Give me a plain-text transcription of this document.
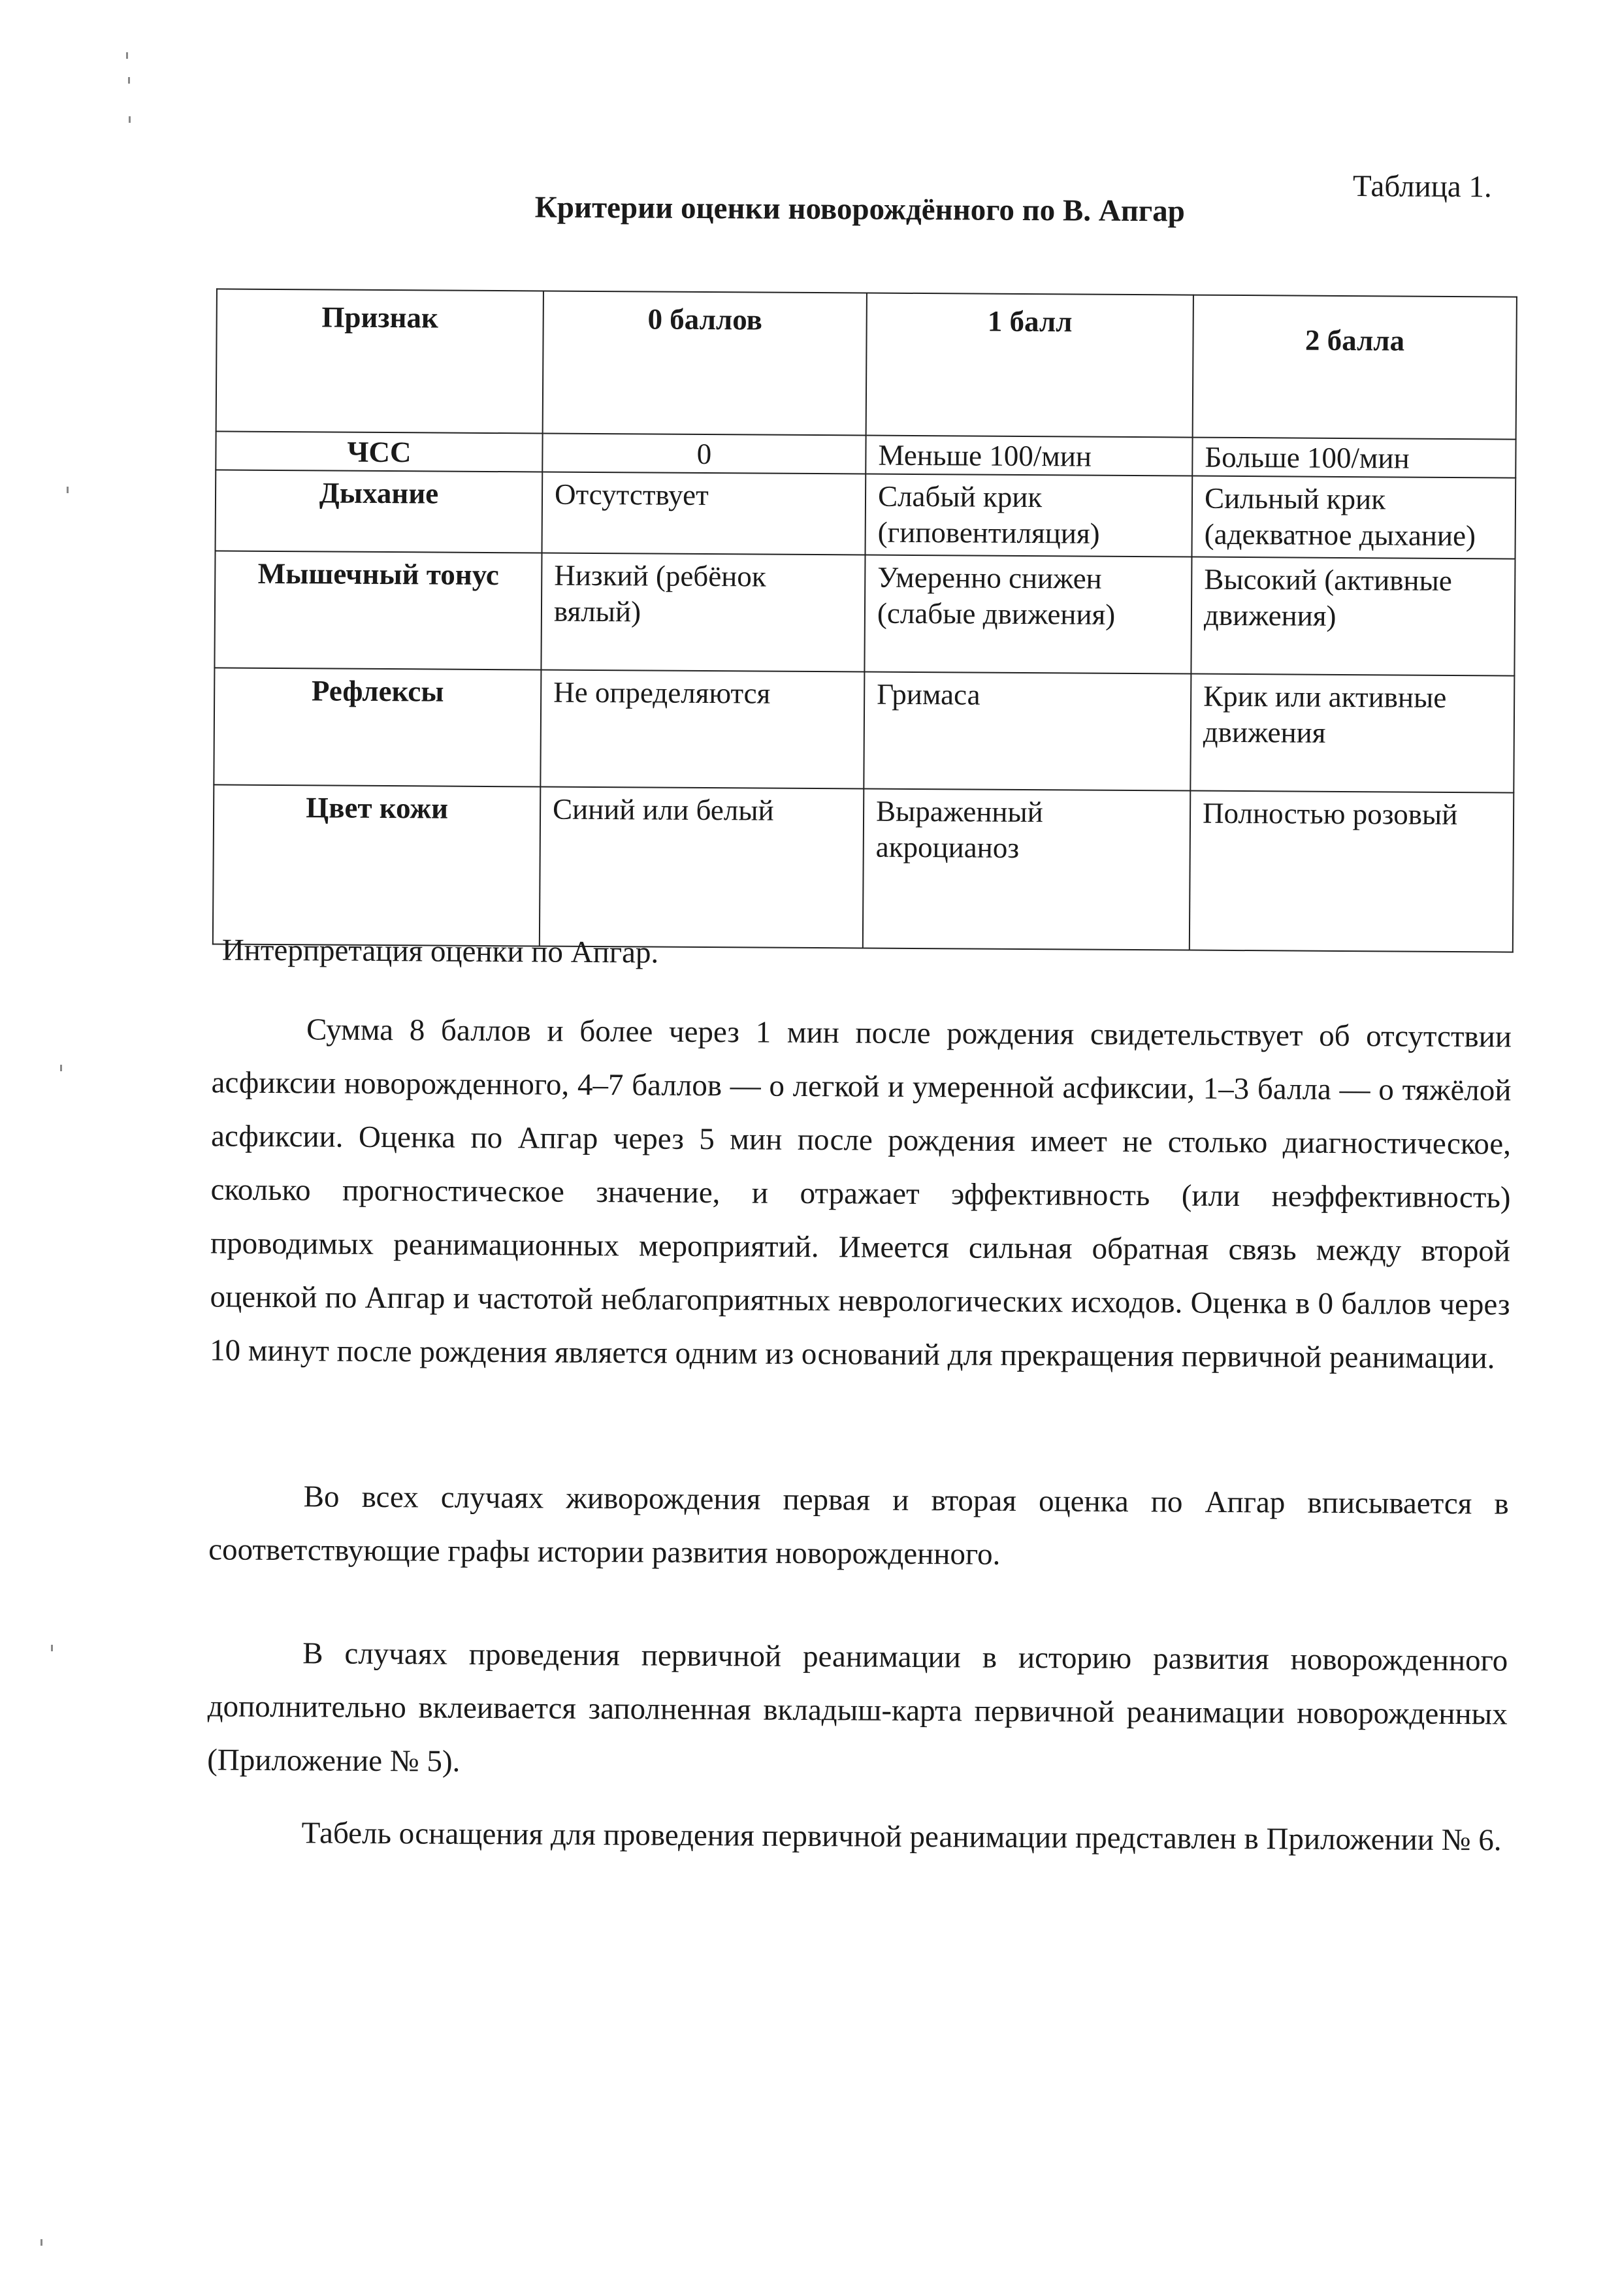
Таблица 1.
Критерии оценки новорождённого по В. Апгар
Признак	0 баллов	1 балл	2 балла
ЧСС	0	Меньше 100/мин	Больше 100/мин
Дыхание	Отсутствует	Слабый крик (гиповентиляция)	Сильный крик (адекватное дыхание)
Мышечный тонус	Низкий (ребёнок вялый)	Умеренно снижен (слабые движения)	Высокий (активные движения)
Рефлексы	Не определяются	Гримаса	Крик или активные движения
Цвет кожи	Синий или белый	Выраженный акроцианоз	Полностью розовый
Интерпретация оценки по Апгар.

Сумма 8 баллов и более через 1 мин после рождения свидетельствует об отсутствии асфиксии новорожденного, 4–7 баллов — о легкой и умеренной асфиксии, 1–3 балла — о тяжёлой асфиксии. Оценка по Апгар через 5 мин после рождения имеет не столько диагностическое, сколько прогностическое значение, и отражает эффективность (или неэффективность) проводимых реанимационных мероприятий. Имеется сильная обратная связь между второй оценкой по Апгар и частотой неблагоприятных неврологических исходов. Оценка в 0 баллов через 10 минут после рождения является одним из оснований для прекращения первичной реанимации.

Во всех случаях живорождения первая и вторая оценка по Апгар вписывается в соответствующие графы истории развития новорожденного.

В случаях проведения первичной реанимации в историю развития новорожденного дополнительно вклеивается заполненная вкладыш-карта первичной реанимации новорожденных (Приложение № 5).

Табель оснащения для проведения первичной реанимации представлен в Приложении № 6.
